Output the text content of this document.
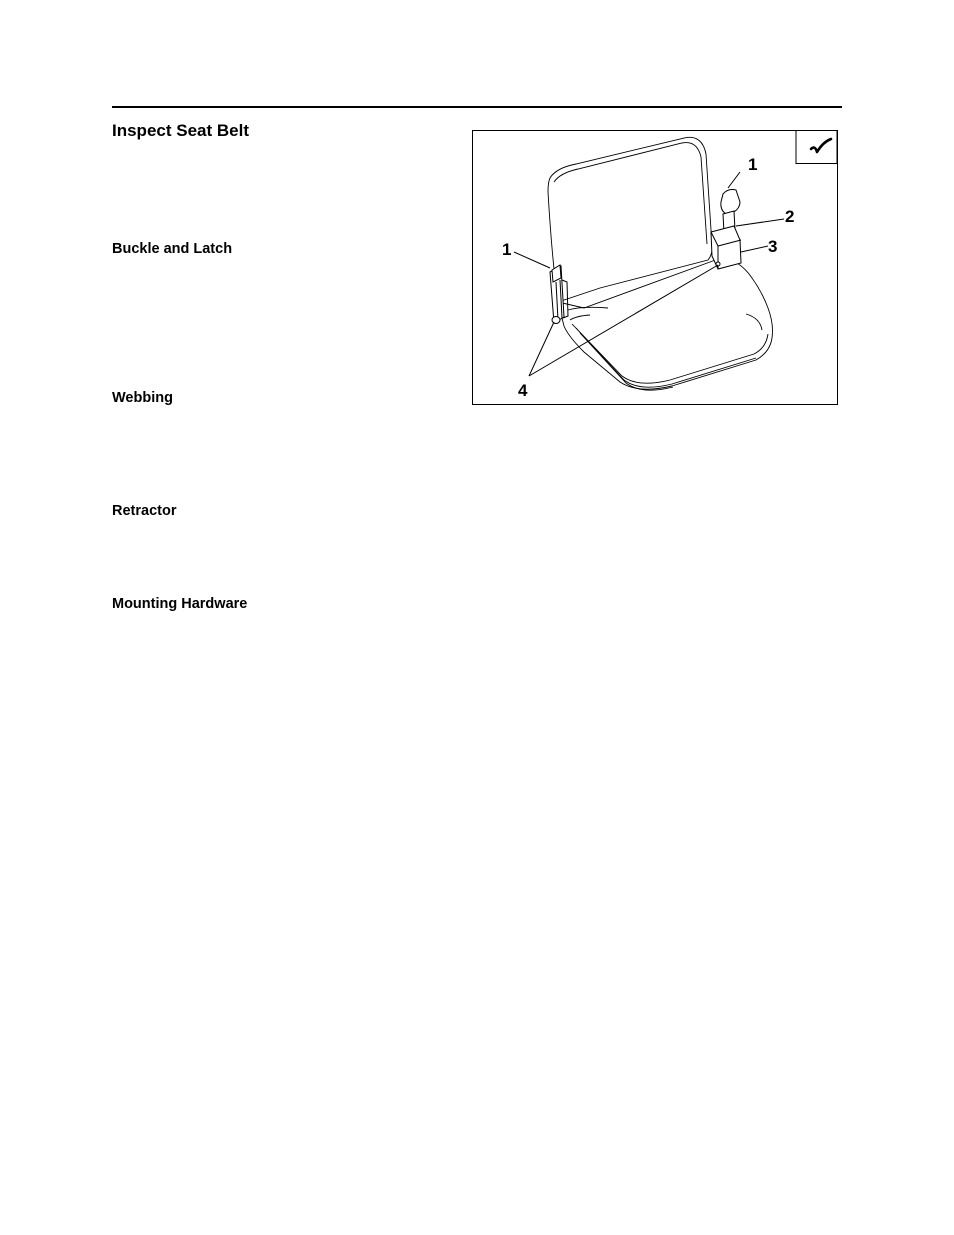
Inspect Seat Belt
Buckle and Latch
Webbing
Retractor
Mounting Hardware
1
2
3
1
4
